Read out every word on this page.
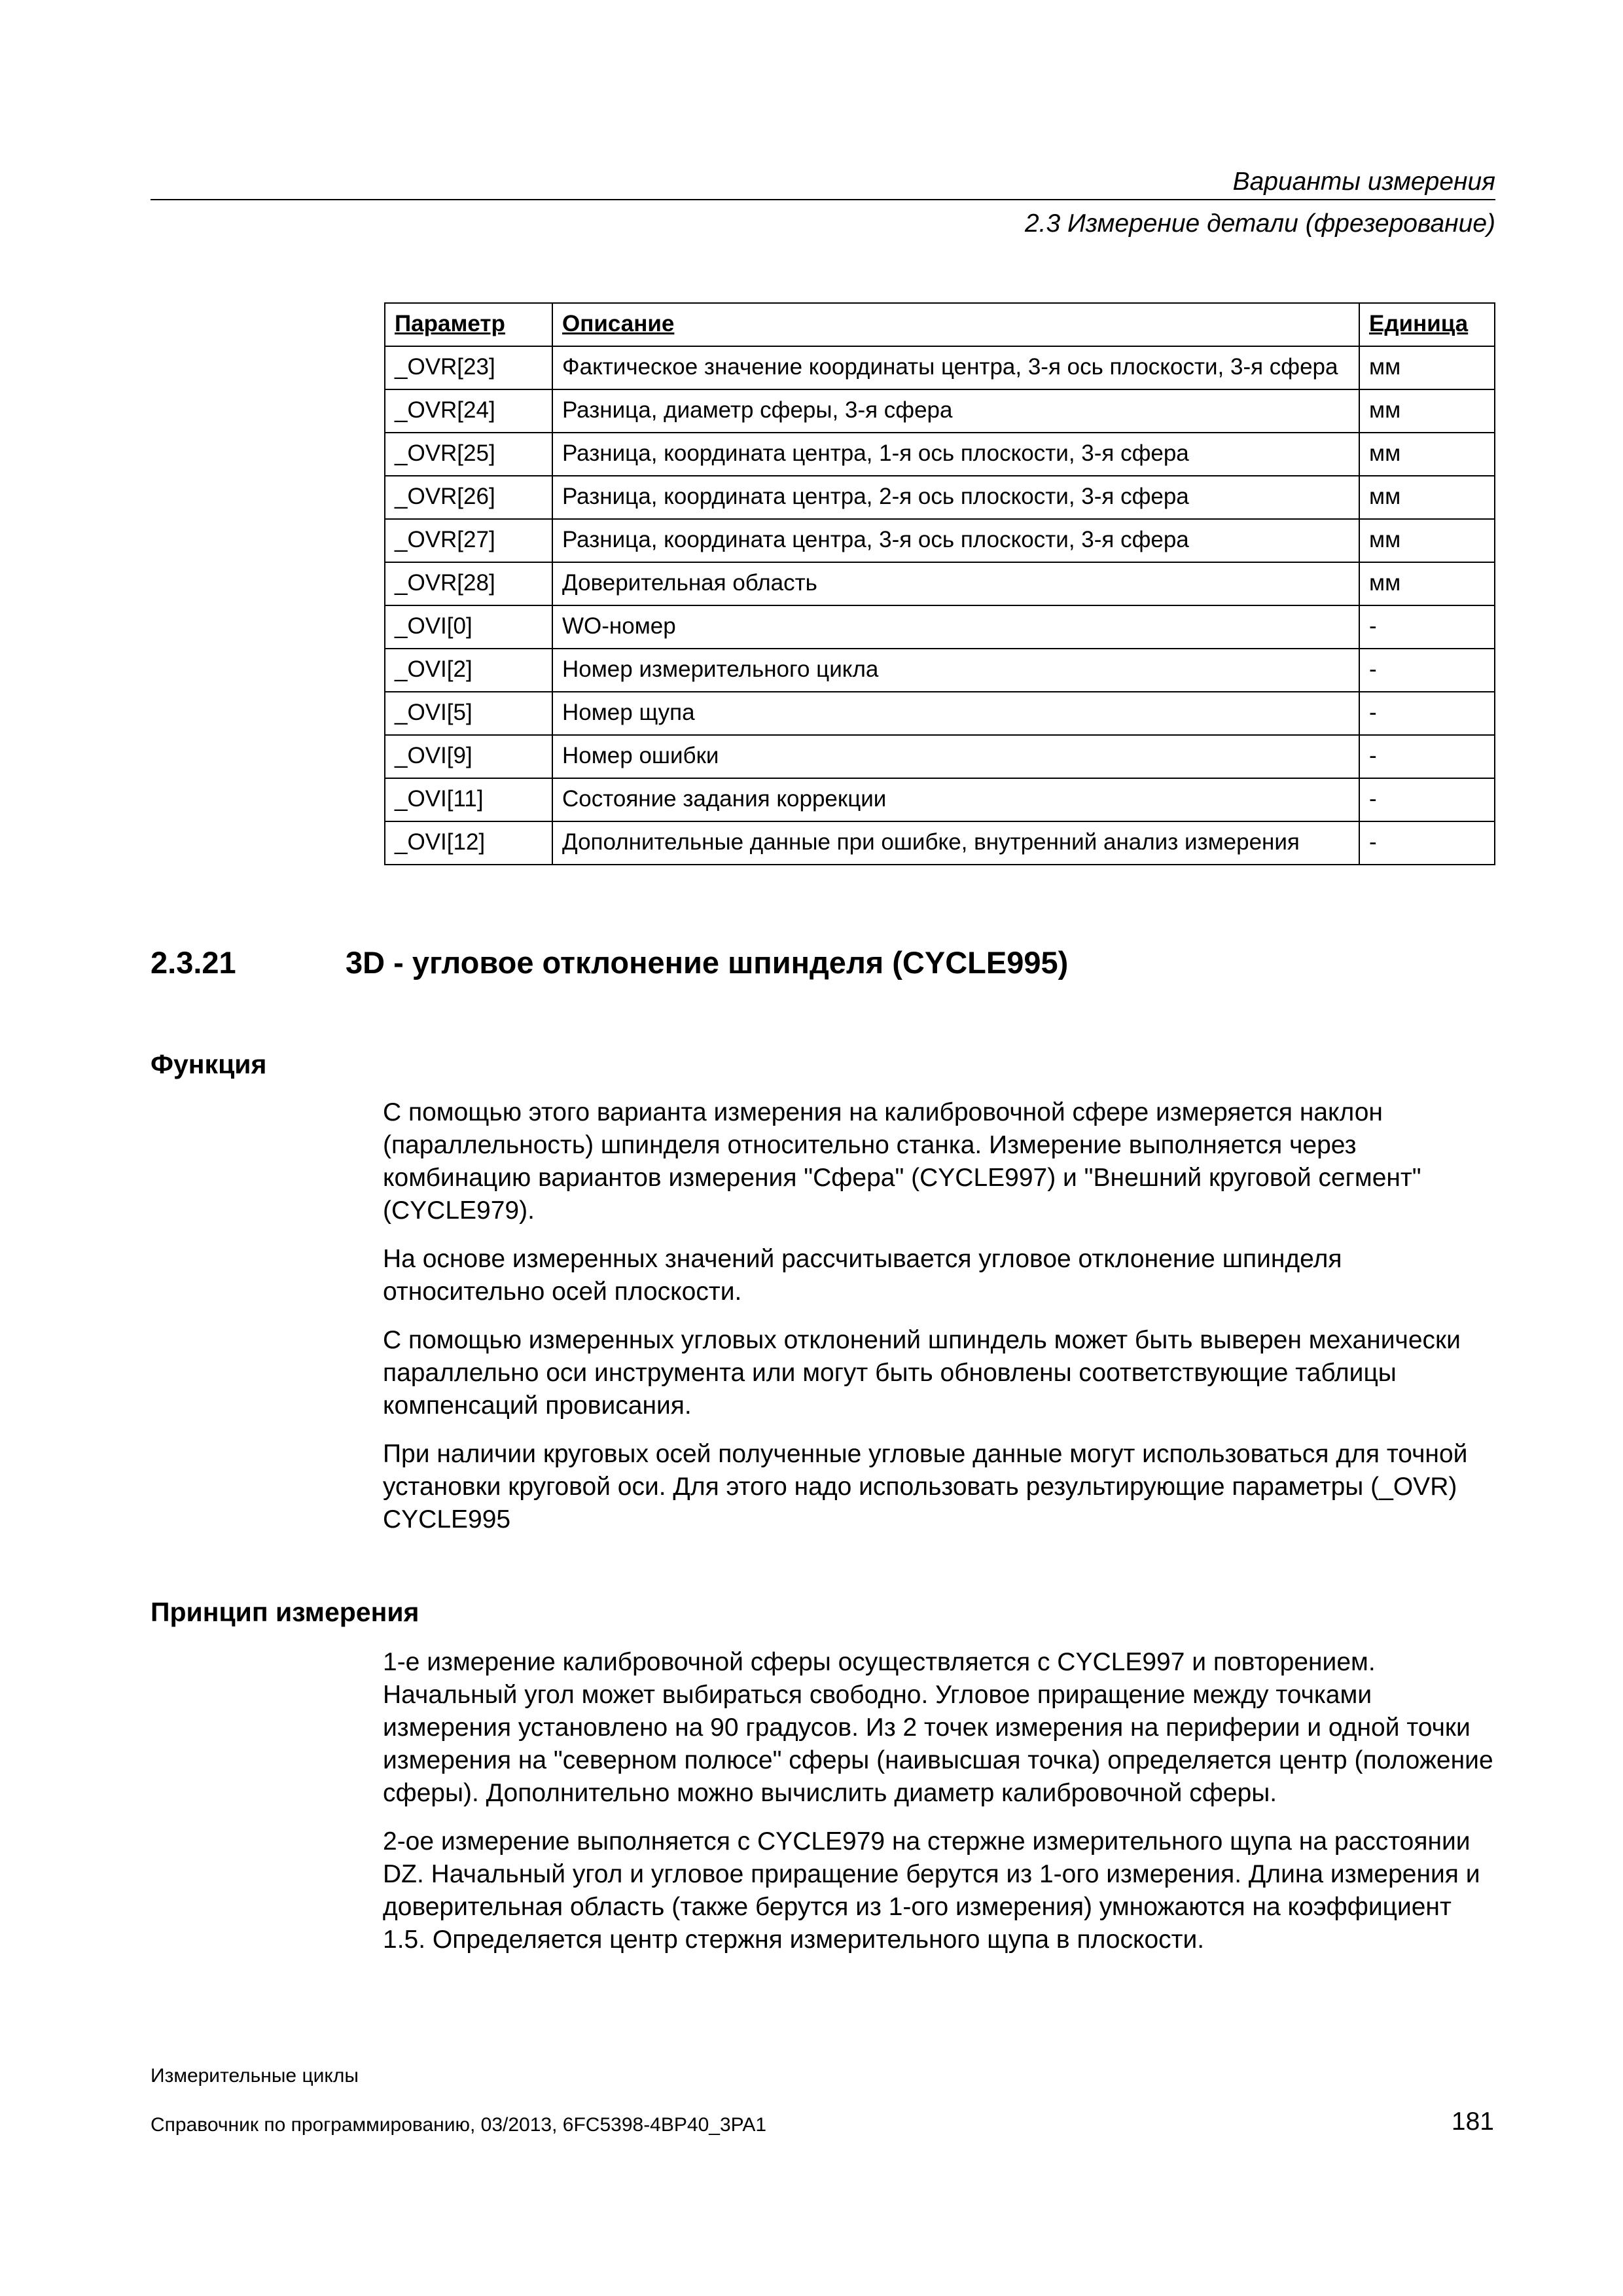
Варианты измерения
2.3 Измерение детали (фрезерование)
Параметр	Описание	Единица
_OVR[23]	Фактическое значение координаты центра, 3-я ось плоскости, 3-я сфера	мм
_OVR[24]	Разница, диаметр сферы, 3-я сфера	мм
_OVR[25]	Разница, координата центра, 1-я ось плоскости, 3-я сфера	мм
_OVR[26]	Разница, координата центра, 2-я ось плоскости, 3-я сфера	мм
_OVR[27]	Разница, координата центра, 3-я ось плоскости, 3-я сфера	мм
_OVR[28]	Доверительная область	мм
_OVI[0]	WO-номер	-
_OVI[2]	Номер измерительного цикла	-
_OVI[5]	Номер щупа	-
_OVI[9]	Номер ошибки	-
_OVI[11]	Состояние задания коррекции	-
_OVI[12]	Дополнительные данные при ошибке, внутренний анализ измерения	-
2.3.21	3D - угловое отклонение шпинделя (CYCLE995)
Функция

С помощью этого варианта измерения на калибровочной сфере измеряется наклон (параллельность) шпинделя относительно станка. Измерение выполняется через комбинацию вариантов измерения "Сфера" (CYCLE997) и "Внешний круговой сегмент" (CYCLE979).

На основе измеренных значений рассчитывается угловое отклонение шпинделя относительно осей плоскости.

С помощью измеренных угловых отклонений шпиндель может быть выверен механически параллельно оси инструмента или могут быть обновлены соответствующие таблицы компенсаций провисания.

При наличии круговых осей полученные угловые данные могут использоваться для точной установки круговой оси. Для этого надо использовать результирующие параметры (_OVR) CYCLE995

Принцип измерения

1-е измерение калибровочной сферы осуществляется с CYCLE997 и повторением. Начальный угол может выбираться свободно. Угловое приращение между точками измерения установлено на 90 градусов. Из 2 точек измерения на периферии и одной точки измерения на "северном полюсе" сферы (наивысшая точка) определяется центр (положение сферы). Дополнительно можно вычислить диаметр калибровочной сферы.

2-ое измерение выполняется с CYCLE979 на стержне измерительного щупа на расстоянии DZ. Начальный угол и угловое приращение берутся из 1-ого измерения. Длина измерения и доверительная область (также берутся из 1-ого измерения) умножаются на коэффициент 1.5. Определяется центр стержня измерительного щупа в плоскости.

Измерительные циклы
Справочник по программированию, 03/2013, 6FC5398-4BP40_3PA1	181
